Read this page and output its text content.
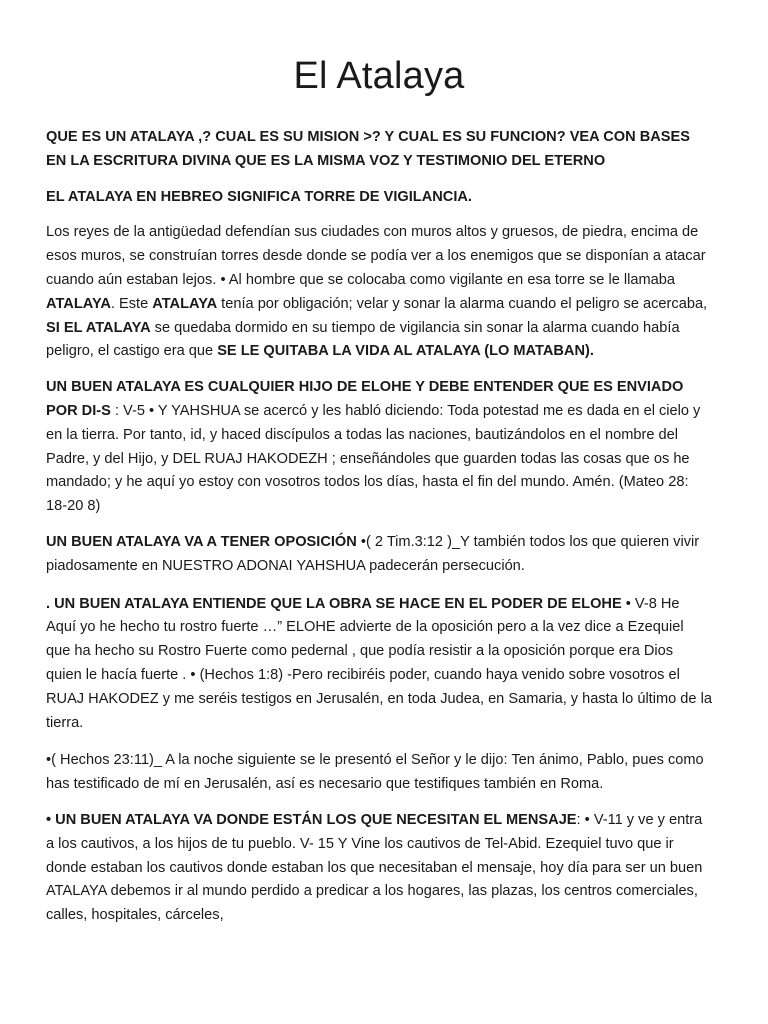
El Atalaya

QUE ES UN ATALAYA ,? CUAL ES SU MISION >? Y CUAL ES SU FUNCION? VEA CON BASES EN LA ESCRITURA DIVINA QUE ES LA MISMA VOZ Y TESTIMONIO DEL ETERNO

EL ATALAYA EN HEBREO SIGNIFICA TORRE DE VIGILANCIA.

Los reyes de la antigüedad defendían sus ciudades con muros altos y gruesos, de piedra, encima de esos muros, se construían torres desde donde se podía ver a los enemigos que se disponían a atacar cuando aún estaban lejos. • Al hombre que se colocaba como vigilante en esa torre se le llamaba ATALAYA. Este ATALAYA tenía por obligación; velar y sonar la alarma cuando el peligro se acercaba, SI EL ATALAYA se quedaba dormido en su tiempo de vigilancia sin sonar la alarma cuando había peligro, el castigo era que SE LE QUITABA LA VIDA AL ATALAYA (LO MATABAN).

UN BUEN ATALAYA ES CUALQUIER HIJO DE ELOHE Y DEBE ENTENDER QUE ES ENVIADO POR DI-S : V-5 • Y YAHSHUA se acercó y les habló diciendo: Toda potestad me es dada en el cielo y en la tierra. Por tanto, id, y haced discípulos a todas las naciones, bautizándolos en el nombre del Padre, y del Hijo, y DEL RUAJ HAKODEZH ; enseñándoles que guarden todas las cosas que os he mandado; y he aquí yo estoy con vosotros todos los días, hasta el fin del mundo. Amén. (Mateo 28: 18-20 8)

UN BUEN ATALAYA VA A TENER OPOSICIÓN •( 2 Tim.3:12 )_Y también todos los que quieren vivir piadosamente en NUESTRO ADONAI YAHSHUA padecerán persecución.

. UN BUEN ATALAYA ENTIENDE QUE LA OBRA SE HACE EN EL PODER DE ELOHE • V-8 He Aquí yo he hecho tu rostro fuerte …” ELOHE advierte de la oposición pero a la vez dice a Ezequiel que ha hecho su Rostro Fuerte como pedernal , que podía resistir a la oposición porque era Dios quien le hacía fuerte . • (Hechos 1:8) -Pero recibiréis poder, cuando haya venido sobre vosotros el RUAJ HAKODEZ y me seréis testigos en Jerusalén, en toda Judea, en Samaria, y hasta lo último de la tierra.

•( Hechos 23:11)_ A la noche siguiente se le presentó el Señor y le dijo: Ten ánimo, Pablo, pues como has testificado de mí en Jerusalén, así es necesario que testifiques también en Roma.

• UN BUEN ATALAYA VA DONDE ESTÁN LOS QUE NECESITAN EL MENSAJE: • V-11 y ve y entra a los cautivos, a los hijos de tu pueblo. V- 15 Y Vine los cautivos de Tel-Abid. Ezequiel tuvo que ir donde estaban los cautivos donde estaban los que necesitaban el mensaje, hoy día para ser un buen ATALAYA debemos ir al mundo perdido a predicar a los hogares, las plazas, los centros comerciales, calles, hospitales, cárceles,
